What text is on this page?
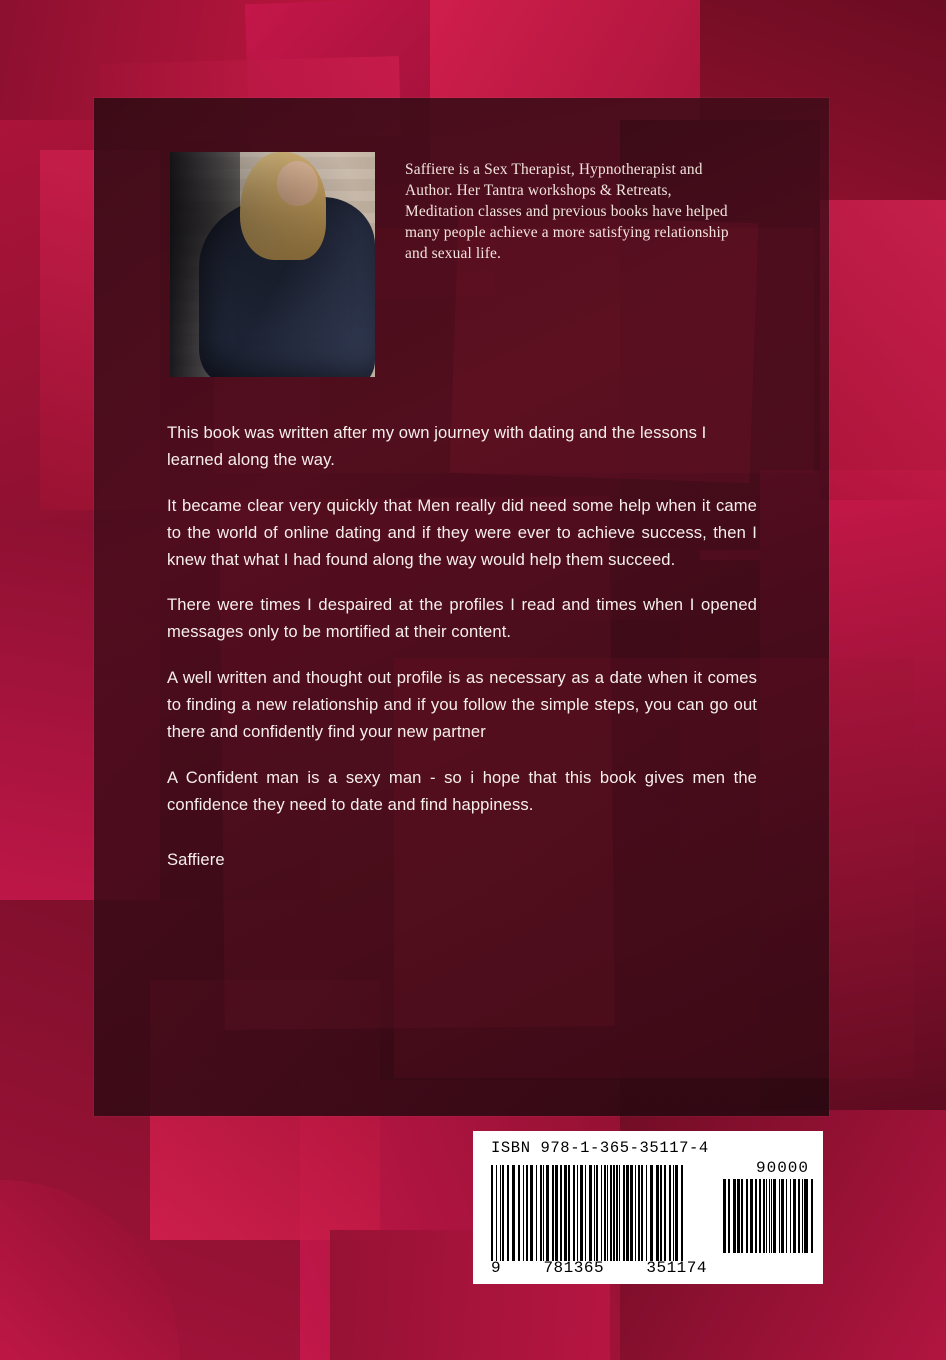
Saffiere is a Sex Therapist, Hypnotherapist and Author. Her Tantra workshops & Retreats, Meditation classes and previous books have helped many people achieve a more satisfying relationship and sexual life.

This book was written after my own journey with dating and the lessons I learned along the way.

It became clear very quickly that Men really did need some help when it came to the world of online dating and if they were ever to achieve success, then I knew that what I had found along the way would help them succeed.

There were times I despaired at the profiles I read and times when I opened messages only to be mortified at their content.

A well written and thought out profile is as necessary as a date when it comes to finding a new relationship and if you follow the simple steps, you can go out there and confidently find your new partner

A Confident man is a sexy man - so i hope that this book gives men the confidence they need to date and find happiness.

Saffiere

ISBN 978-1-365-35117-4
90000
9	781365	351174
